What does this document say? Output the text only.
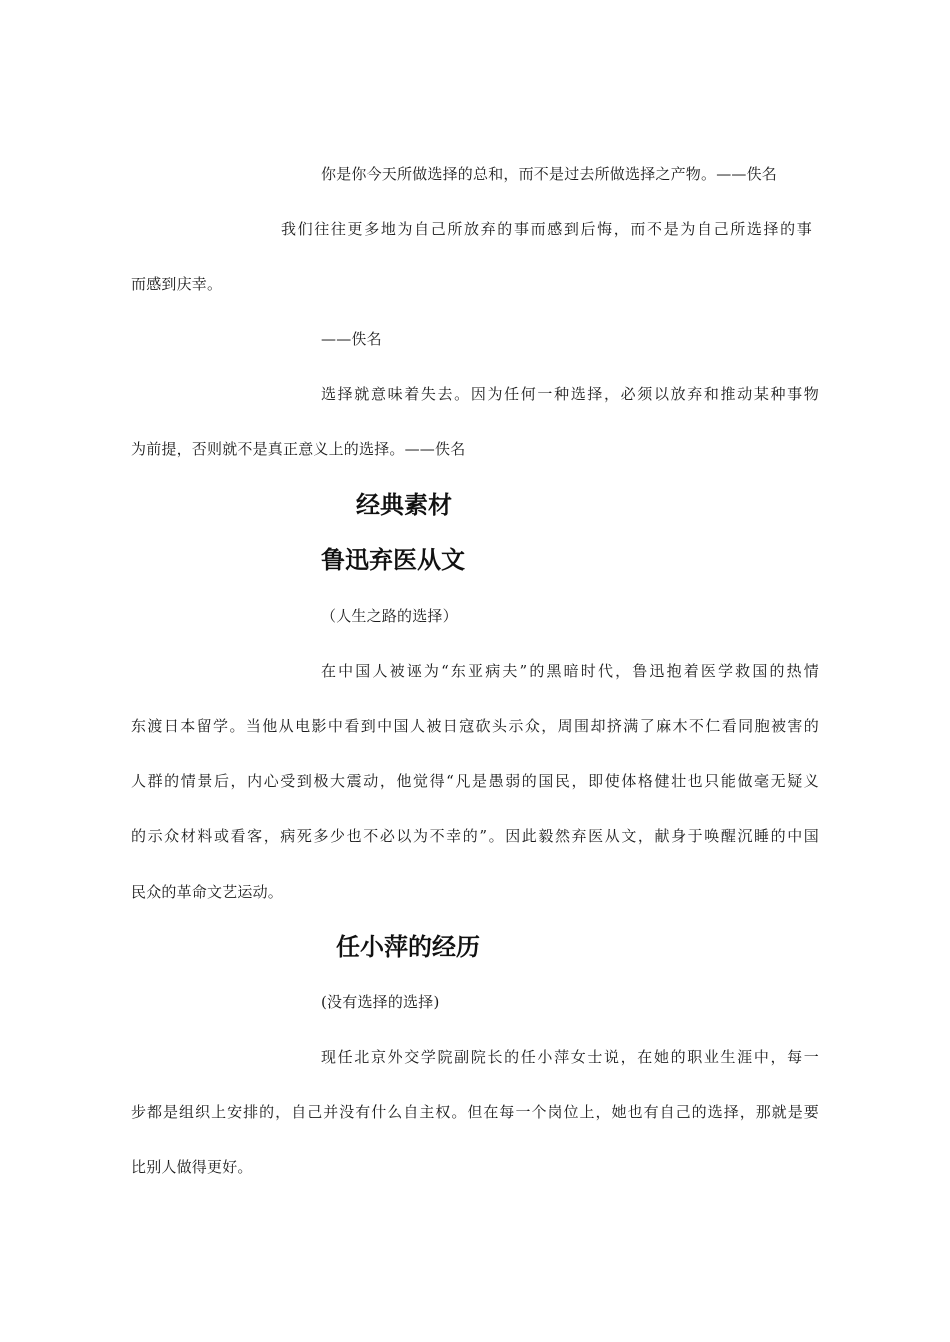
你是你今天所做选择的总和，而不是过去所做选择之产物。——佚名
我们往往更多地为自己所放弃的事而感到后悔，而不是为自己所选择的事
而感到庆幸。
——佚名
选择就意味着失去。因为任何一种选择，必须以放弃和推动某种事物
为前提，否则就不是真正意义上的选择。——佚名
经典素材
鲁迅弃医从文
（人生之路的选择）
在中国人被诬为“东亚病夫”的黑暗时代，鲁迅抱着医学救国的热情
东渡日本留学。当他从电影中看到中国人被日寇砍头示众，周围却挤满了麻木不仁看同胞被害的
人群的情景后，内心受到极大震动，他觉得“凡是愚弱的国民，即使体格健壮也只能做毫无疑义
的示众材料或看客，病死多少也不必以为不幸的”。因此毅然弃医从文，献身于唤醒沉睡的中国
民众的革命文艺运动。
任小萍的经历
(没有选择的选择)
现任北京外交学院副院长的任小萍女士说，在她的职业生涯中，每一
步都是组织上安排的，自己并没有什么自主权。但在每一个岗位上，她也有自己的选择，那就是要
比别人做得更好。
